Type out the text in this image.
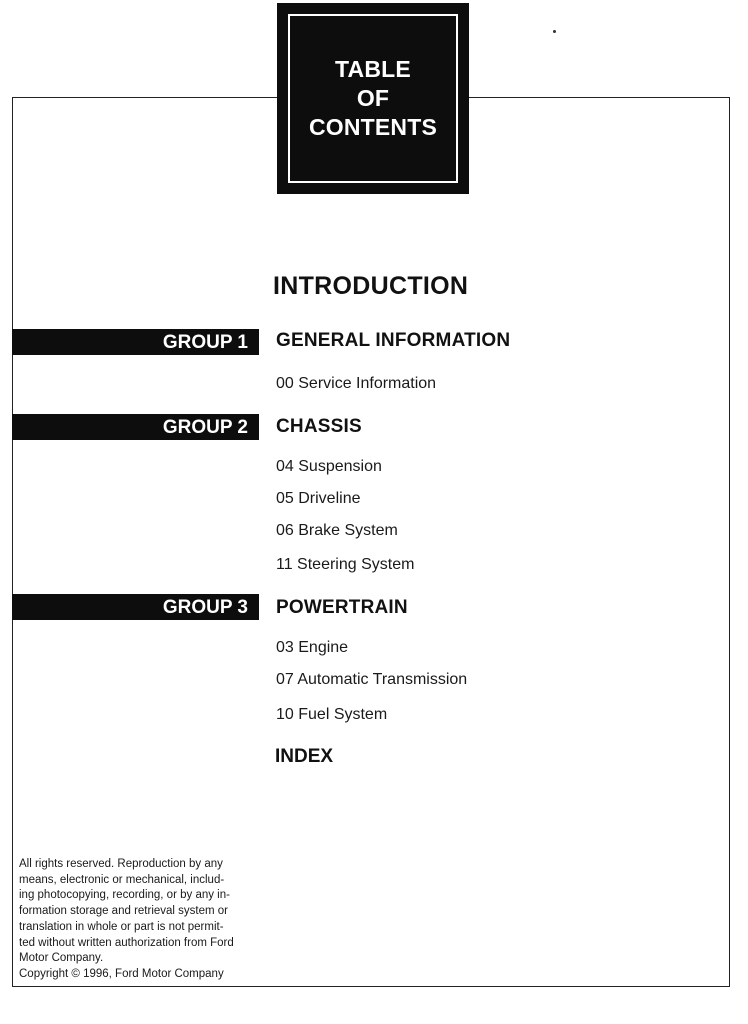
TABLE
OF
CONTENTS
INTRODUCTION
GROUP 1	GENERAL INFORMATION

00 Service Information

GROUP 2	CHASSIS

04 Suspension

05 Driveline

06 Brake System

11 Steering System

GROUP 3	POWERTRAIN

03 Engine

07 Automatic Transmission

10 Fuel System

INDEX

All rights reserved. Reproduction by any
means, electronic or mechanical, includ-
ing photocopying, recording, or by any in-
formation storage and retrieval system or
translation in whole or part is not permit-
ted without written authorization from Ford
Motor Company.
Copyright © 1996, Ford Motor Company
